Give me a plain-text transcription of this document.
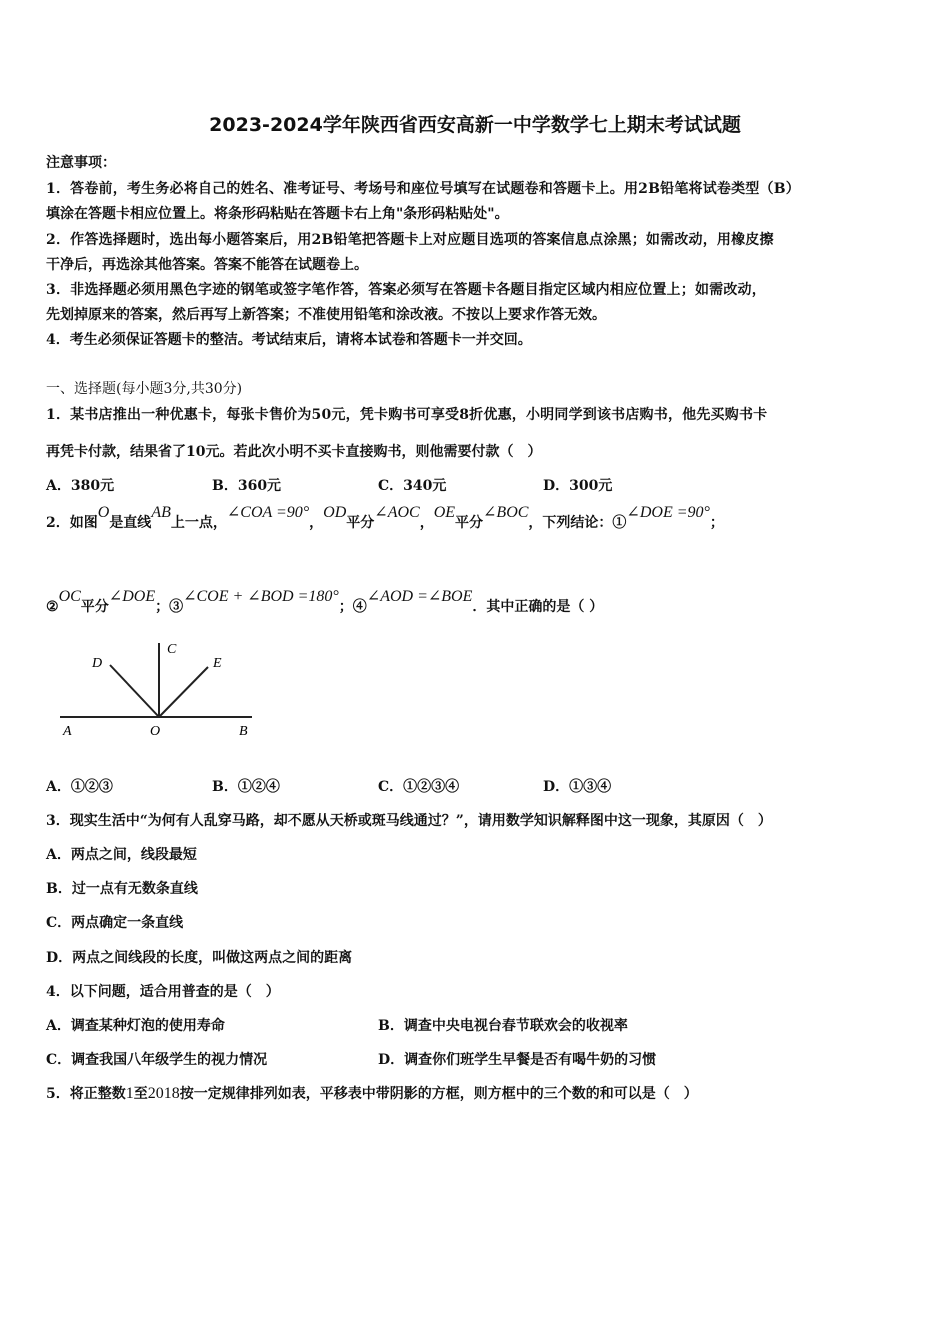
2023-2024学年陕西省西安高新一中学数学七上期末考试试题
注意事项：
1．答卷前，考生务必将自己的姓名、准考证号、考场号和座位号填写在试题卷和答题卡上。用2B铅笔将试卷类型（B）
填涂在答题卡相应位置上。将条形码粘贴在答题卡右上角"条形码粘贴处"。
2．作答选择题时，选出每小题答案后，用2B铅笔把答题卡上对应题目选项的答案信息点涂黑；如需改动，用橡皮擦
干净后，再选涂其他答案。答案不能答在试题卷上。
3．非选择题必须用黑色字迹的钢笔或签字笔作答，答案必须写在答题卡各题目指定区域内相应位置上；如需改动，
先划掉原来的答案，然后再写上新答案；不准使用铅笔和涂改液。不按以上要求作答无效。
4．考生必须保证答题卡的整洁。考试结束后，请将本试卷和答题卡一并交回。
一、选择题(每小题3分,共30分)
1．某书店推出一种优惠卡，每张卡售价为50元，凭卡购书可享受8折优惠，小明同学到该书店购书，他先买购书卡
再凭卡付款，结果省了10元。若此次小明不买卡直接购书，则他需要付款（　）
A．380元	B．360元	C．340元	D．300元
2．如图O是直线AB上一点，∠COA =90°，OD平分∠AOC，OE平分∠BOC，下列结论：①∠DOE =90°；
②OC平分∠DOE；③∠COE + ∠BOD =180°；④∠AOD =∠BOE．其中正确的是（ ）
A	O	B
C
D	E
A．①②③	B．①②④	C．①②③④	D．①③④
3．现实生活中“为何有人乱穿马路，却不愿从天桥或斑马线通过？”，请用数学知识解释图中这一现象，其原因（　）
A．两点之间，线段最短
B．过一点有无数条直线
C．两点确定一条直线
D．两点之间线段的长度，叫做这两点之间的距离
4．以下问题，适合用普查的是（　）
A．调查某种灯泡的使用寿命	B．调查中央电视台春节联欢会的收视率
C．调查我国八年级学生的视力情况	D．调查你们班学生早餐是否有喝牛奶的习惯
5．将正整数1至2018按一定规律排列如表，平移表中带阴影的方框，则方框中的三个数的和可以是（　）
